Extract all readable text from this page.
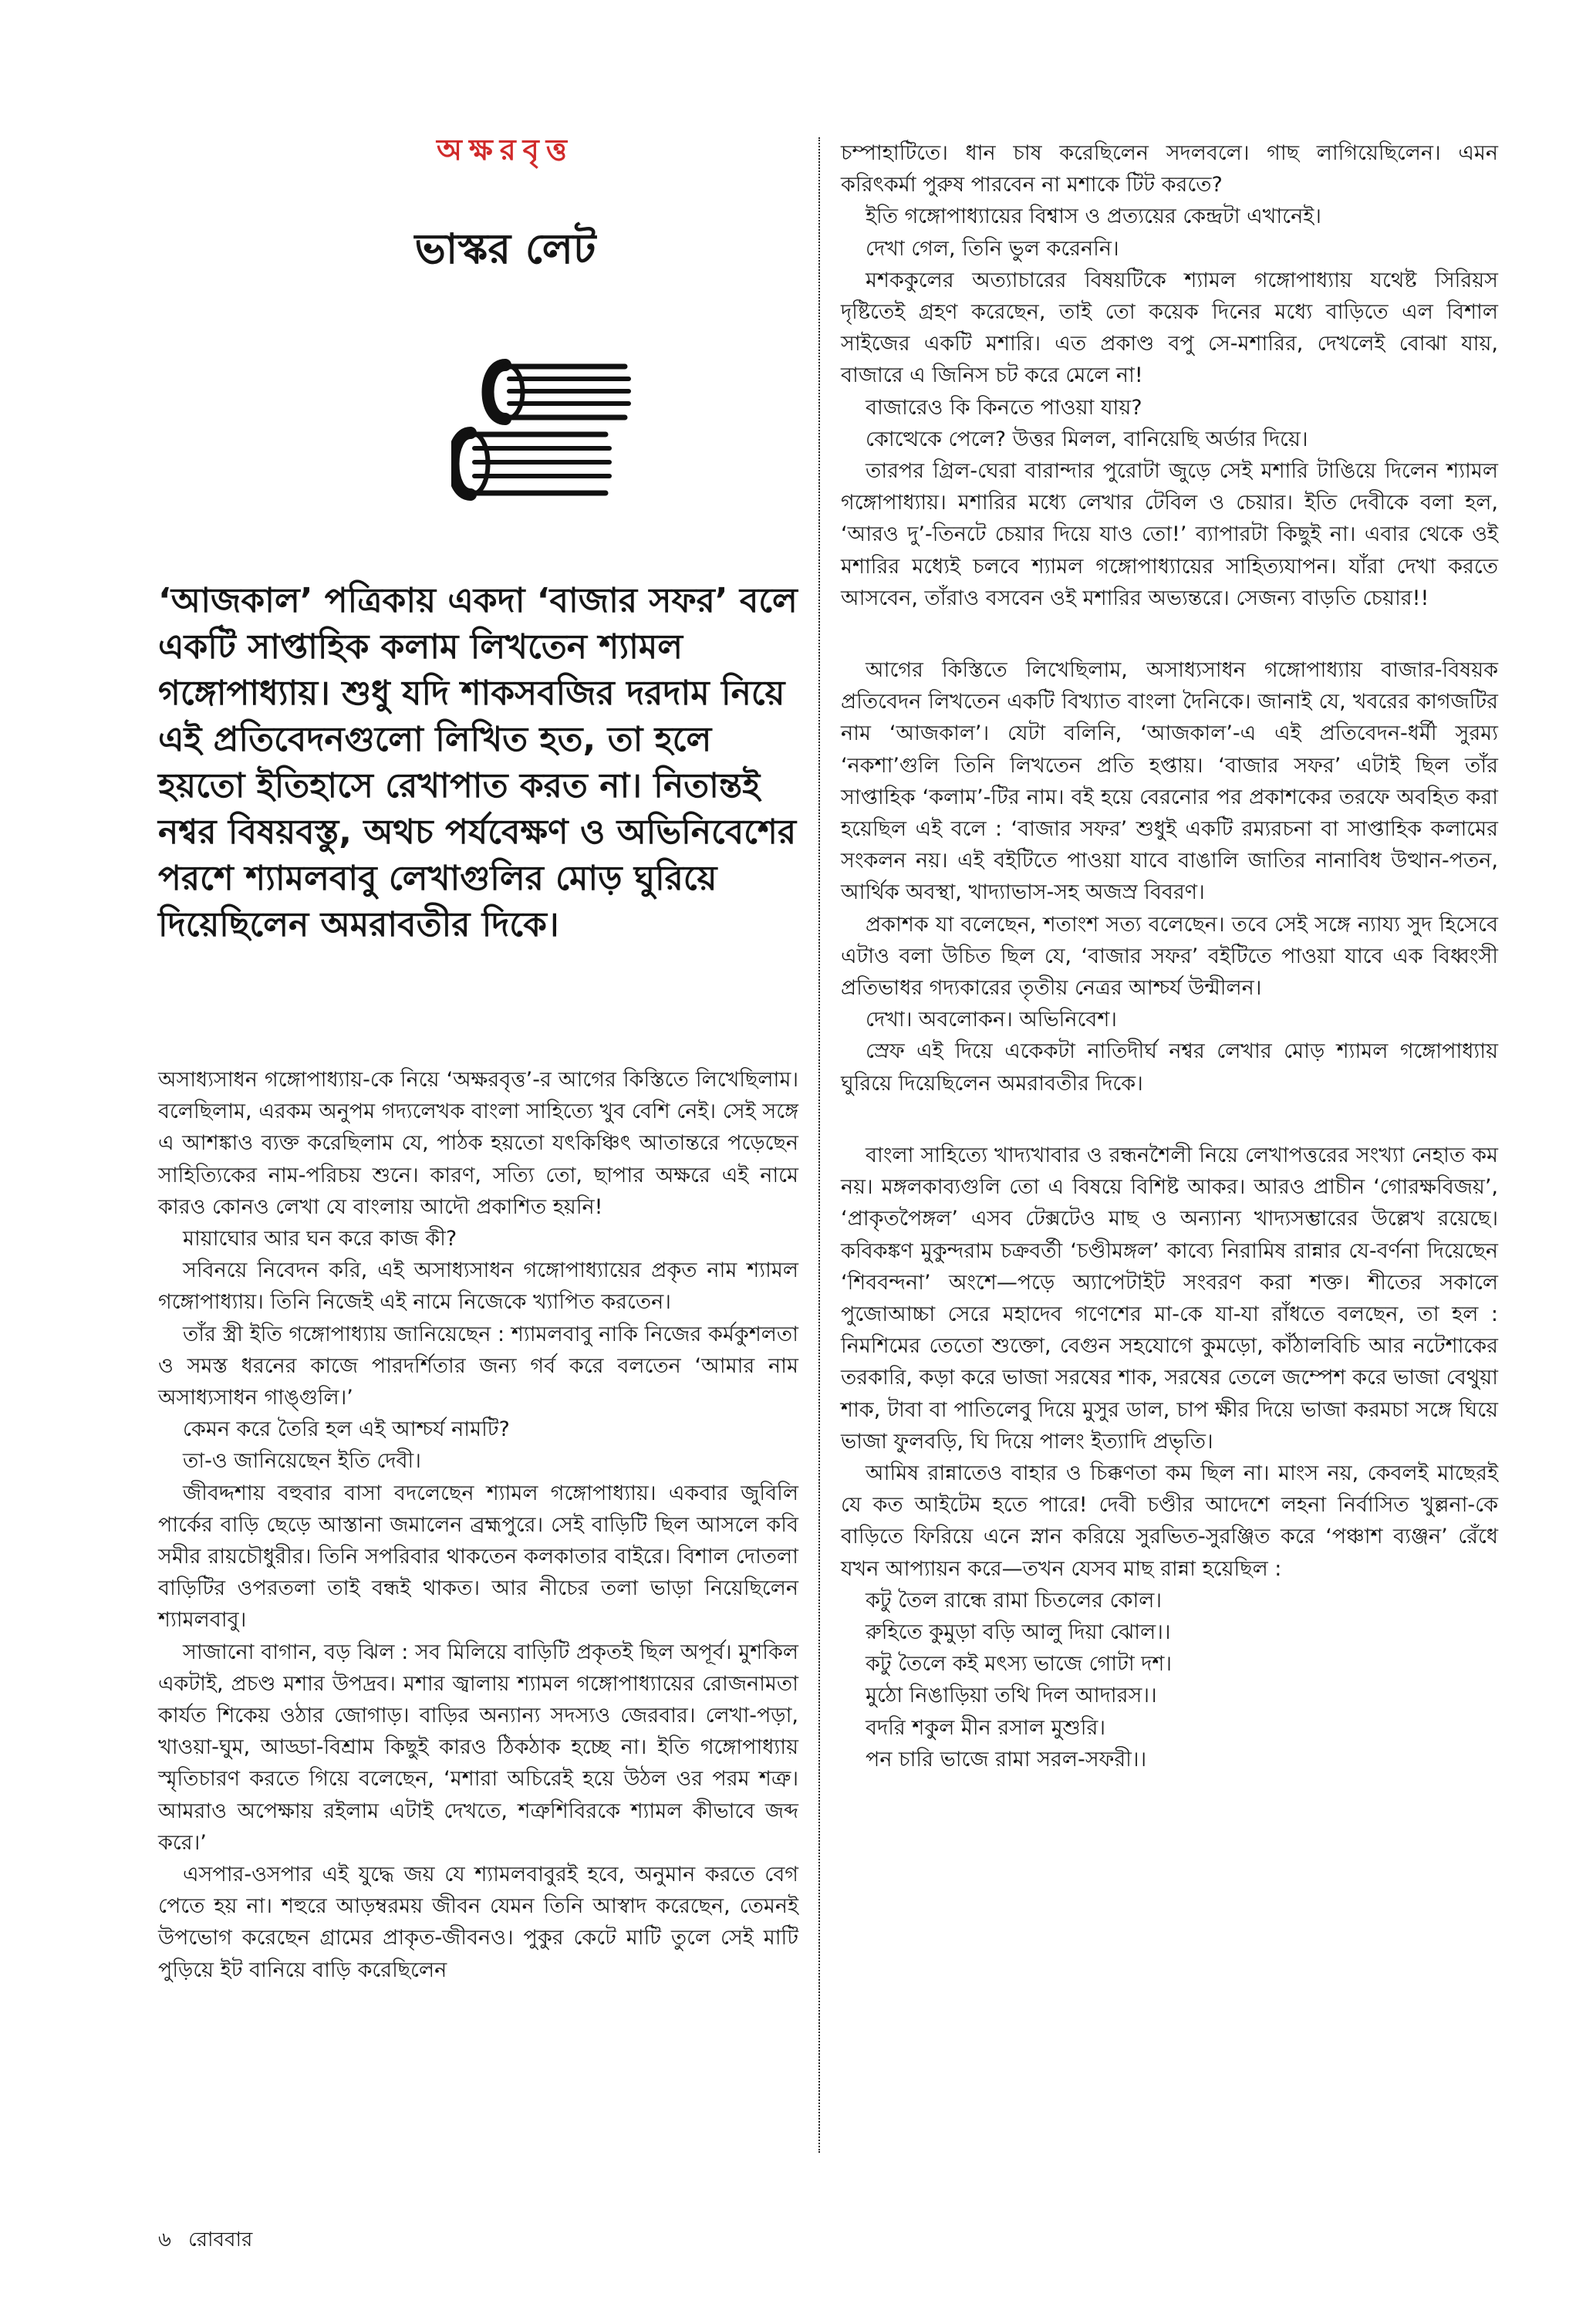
অক্ষরবৃত্ত
ভাস্কর লেট

‘আজকাল’ পত্রিকায় একদা ‘বাজার সফর’ বলে একটি সাপ্তাহিক কলাম লিখতেন শ্যামল গঙ্গোপাধ্যায়। শুধু যদি শাকসবজির দরদাম নিয়ে এই প্রতিবেদনগুলো লিখিত হত, তা হলে হয়তো ইতিহাসে রেখাপাত করত না। নিতান্তই নশ্বর বিষয়বস্তু, অথচ পর্যবেক্ষণ ও অভিনিবেশের পরশে শ্যামলবাবু লেখাগুলির মোড় ঘুরিয়ে দিয়েছিলেন অমরাবতীর দিকে।

অসাধ্যসাধন গঙ্গোপাধ্যায়-কে নিয়ে ‘অক্ষরবৃত্ত’-র আগের কিস্তিতে লিখেছিলাম। বলেছিলাম, এরকম অনুপম গদ্যলেখক বাংলা সাহিত্যে খুব বেশি নেই। সেই সঙ্গে এ আশঙ্কাও ব্যক্ত করেছিলাম যে, পাঠক হয়তো যৎকিঞ্চিৎ আতান্তরে পড়েছেন সাহিত্যিকের নাম-পরিচয় শুনে। কারণ, সত্যি তো, ছাপার অক্ষরে এই নামে কারও কোনও লেখা যে বাংলায় আদৌ প্রকাশিত হয়নি!

মায়াঘোর আর ঘন করে কাজ কী?

সবিনয়ে নিবেদন করি, এই অসাধ্যসাধন গঙ্গোপাধ্যায়ের প্রকৃত নাম শ্যামল গঙ্গোপাধ্যায়। তিনি নিজেই এই নামে নিজেকে খ্যাপিত করতেন।

তাঁর স্ত্রী ইতি গঙ্গোপাধ্যায় জানিয়েছেন : শ্যামলবাবু নাকি নিজের কর্মকুশলতা ও সমস্ত ধরনের কাজে পারদর্শিতার জন্য গর্ব করে বলতেন ‘আমার নাম অসাধ্যসাধন গাঙ্গুলি।’

কেমন করে তৈরি হল এই আশ্চর্য নামটি?

তা-ও জানিয়েছেন ইতি দেবী।

জীবদ্দশায় বহুবার বাসা বদলেছেন শ্যামল গঙ্গোপাধ্যায়। একবার জুবিলি পার্কের বাড়ি ছেড়ে আস্তানা জমালেন ব্রহ্মপুরে। সেই বাড়িটি ছিল আসলে কবি সমীর রায়চৌধুরীর। তিনি সপরিবার থাকতেন কলকাতার বাইরে। বিশাল দোতলা বাড়িটির ওপরতলা তাই বন্ধই থাকত। আর নীচের তলা ভাড়া নিয়েছিলেন শ্যামলবাবু।

সাজানো বাগান, বড় ঝিল : সব মিলিয়ে বাড়িটি প্রকৃতই ছিল অপূর্ব। মুশকিল একটাই, প্রচণ্ড মশার উপদ্রব। মশার জ্বালায় শ্যামল গঙ্গোপাধ্যায়ের রোজনামতা কার্যত শিকেয় ওঠার জোগাড়। বাড়ির অন্যান্য সদস্যও জেরবার। লেখা-পড়া, খাওয়া-ঘুম, আড্ডা-বিশ্রাম কিছুই কারও ঠিকঠাক হচ্ছে না। ইতি গঙ্গোপাধ্যায় স্মৃতিচারণ করতে গিয়ে বলেছেন, ‘মশারা অচিরেই হয়ে উঠল ওর পরম শত্রু। আমরাও অপেক্ষায় রইলাম এটাই দেখতে, শত্রুশিবিরকে শ্যামল কীভাবে জব্দ করে।’

এসপার-ওসপার এই যুদ্ধে জয় যে শ্যামলবাবুরই হবে, অনুমান করতে বেগ পেতে হয় না। শহুরে আড়ম্বরময় জীবন যেমন তিনি আস্বাদ করেছেন, তেমনই উপভোগ করেছেন গ্রামের প্রাকৃত-জীবনও। পুকুর কেটে মাটি তুলে সেই মাটি পুড়িয়ে ইট বানিয়ে বাড়ি করেছিলেন

চম্পাহাটিতে। ধান চাষ করেছিলেন সদলবলে। গাছ লাগিয়েছিলেন। এমন করিৎকর্মা পুরুষ পারবেন না মশাকে টিট করতে?

ইতি গঙ্গোপাধ্যায়ের বিশ্বাস ও প্রত্যয়ের কেন্দ্রটা এখানেই।

দেখা গেল, তিনি ভুল করেননি।

মশককুলের অত্যাচারের বিষয়টিকে শ্যামল গঙ্গোপাধ্যায় যথেষ্ট সিরিয়স দৃষ্টিতেই গ্রহণ করেছেন, তাই তো কয়েক দিনের মধ্যে বাড়িতে এল বিশাল সাইজের একটি মশারি। এত প্রকাণ্ড বপু সে-মশারির, দেখলেই বোঝা যায়, বাজারে এ জিনিস চট করে মেলে না!

বাজারেও কি কিনতে পাওয়া যায়?

কোত্থেকে পেলে? উত্তর মিলল, বানিয়েছি অর্ডার দিয়ে।

তারপর গ্রিল-ঘেরা বারান্দার পুরোটা জুড়ে সেই মশারি টাঙিয়ে দিলেন শ্যামল গঙ্গোপাধ্যায়। মশারির মধ্যে লেখার টেবিল ও চেয়ার। ইতি দেবীকে বলা হল, ‘আরও দু’-তিনটে চেয়ার দিয়ে যাও তো!’ ব্যাপারটা কিছুই না। এবার থেকে ওই মশারির মধ্যেই চলবে শ্যামল গঙ্গোপাধ্যায়ের সাহিত্যযাপন। যাঁরা দেখা করতে আসবেন, তাঁরাও বসবেন ওই মশারির অভ্যন্তরে। সেজন্য বাড়তি চেয়ার!!

আগের কিস্তিতে লিখেছিলাম, অসাধ্যসাধন গঙ্গোপাধ্যায় বাজার-বিষয়ক প্রতিবেদন লিখতেন একটি বিখ্যাত বাংলা দৈনিকে। জানাই যে, খবরের কাগজটির নাম ‘আজকাল’। যেটা বলিনি, ‘আজকাল’-এ এই প্রতিবেদন-ধর্মী সুরম্য ‘নকশা’গুলি তিনি লিখতেন প্রতি হপ্তায়। ‘বাজার সফর’ এটাই ছিল তাঁর সাপ্তাহিক ‘কলাম’-টির নাম। বই হয়ে বেরনোর পর প্রকাশকের তরফে অবহিত করা হয়েছিল এই বলে : ‘বাজার সফর’ শুধুই একটি রম্যরচনা বা সাপ্তাহিক কলামের সংকলন নয়। এই বইটিতে পাওয়া যাবে বাঙালি জাতির নানাবিধ উত্থান-পতন, আর্থিক অবস্থা, খাদ্যাভাস-সহ অজস্র বিবরণ।

প্রকাশক যা বলেছেন, শতাংশ সত্য বলেছেন। তবে সেই সঙ্গে ন্যায্য সুদ হিসেবে এটাও বলা উচিত ছিল যে, ‘বাজার সফর’ বইটিতে পাওয়া যাবে এক বিধ্বংসী প্রতিভাধর গদ্যকারের তৃতীয় নেত্রর আশ্চর্য উন্মীলন।

দেখা। অবলোকন। অভিনিবেশ।

স্রেফ এই দিয়ে একেকটা নাতিদীর্ঘ নশ্বর লেখার মোড় শ্যামল গঙ্গোপাধ্যায় ঘুরিয়ে দিয়েছিলেন অমরাবতীর দিকে।

বাংলা সাহিত্যে খাদ্যখাবার ও রন্ধনশৈলী নিয়ে লেখাপত্তরের সংখ্যা নেহাত কম নয়। মঙ্গলকাব্যগুলি তো এ বিষয়ে বিশিষ্ট আকর। আরও প্রাচীন ‘গোরক্ষবিজয়’, ‘প্রাকৃতপৈঙ্গল’ এসব টেক্সটেও মাছ ও অন্যান্য খাদ্যসম্ভারের উল্লেখ রয়েছে। কবিকঙ্কণ মুকুন্দরাম চক্রবর্তী ‘চণ্ডীমঙ্গল’ কাব্যে নিরামিষ রান্নার যে-বর্ণনা দিয়েছেন ‘শিববন্দনা’ অংশে—পড়ে অ্যাপেটাইট সংবরণ করা শক্ত। শীতের সকালে পুজোআচ্চা সেরে মহাদেব গণেশের মা-কে যা-যা রাঁধতে বলছেন, তা হল : নিমশিমের তেতো শুক্তো, বেগুন সহযোগে কুমড়ো, কাঁঠালবিচি আর নটেশাকের তরকারি, কড়া করে ভাজা সরষের শাক, সরষের তেলে জম্পেশ করে ভাজা বেথুয়া শাক, টাবা বা পাতিলেবু দিয়ে মুসুর ডাল, চাপ ক্ষীর দিয়ে ভাজা করমচা সঙ্গে ঘিয়ে ভাজা ফুলবড়ি, ঘি দিয়ে পালং ইত্যাদি প্রভৃতি।

আমিষ রান্নাতেও বাহার ও চিক্কণতা কম ছিল না। মাংস নয়, কেবলই মাছেরই যে কত আইটেম হতে পারে! দেবী চণ্ডীর আদেশে লহনা নির্বাসিত খুল্লনা-কে বাড়িতে ফিরিয়ে এনে স্নান করিয়ে সুরভিত-সুরঞ্জিত করে ‘পঞ্চাশ ব্যঞ্জন’ রেঁধে যখন আপ্যায়ন করে—তখন যেসব মাছ রান্না হয়েছিল :

কটু তৈল রান্ধে রামা চিতলের কোল।

রুহিতে কুমুড়া বড়ি আলু দিয়া ঝোল।।

কটু তৈলে কই মৎস্য ভাজে গোটা দশ।

মুঠো নিঙাড়িয়া তথি দিল আদারস।।

বদরি শকুল মীন রসাল মুশুরি।

পন চারি ভাজে রামা সরল-সফরী।।

৬ রোববার
